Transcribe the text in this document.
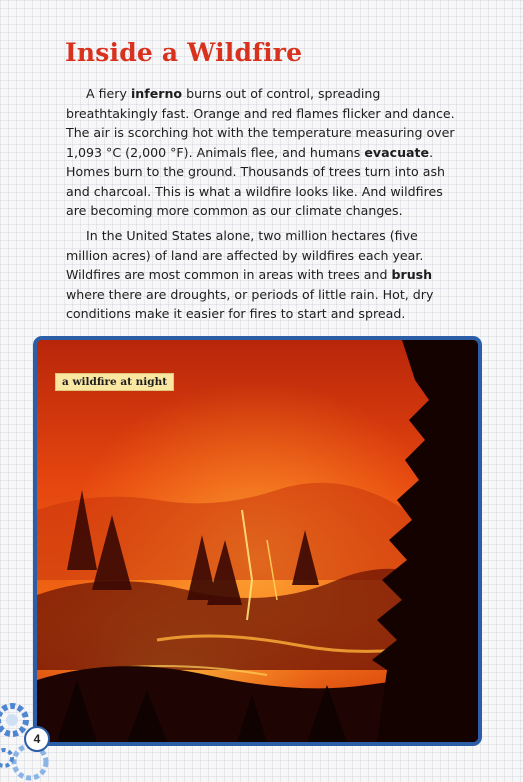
Inside a Wildfire

A fiery inferno burns out of control, spreading breathtakingly fast. Orange and red flames flicker and dance. The air is scorching hot with the temperature measuring over 1,093 °C (2,000 °F). Animals flee, and humans evacuate. Homes burn to the ground. Thousands of trees turn into ash and charcoal. This is what a wildfire looks like. And wildfires are becoming more common as our climate changes.

In the United States alone, two million hectares (five million acres) of land are affected by wildfires each year. Wildfires are most common in areas with trees and brush where there are droughts, or periods of little rain. Hot, dry conditions make it easier for fires to start and spread.

a wildfire at night
4
